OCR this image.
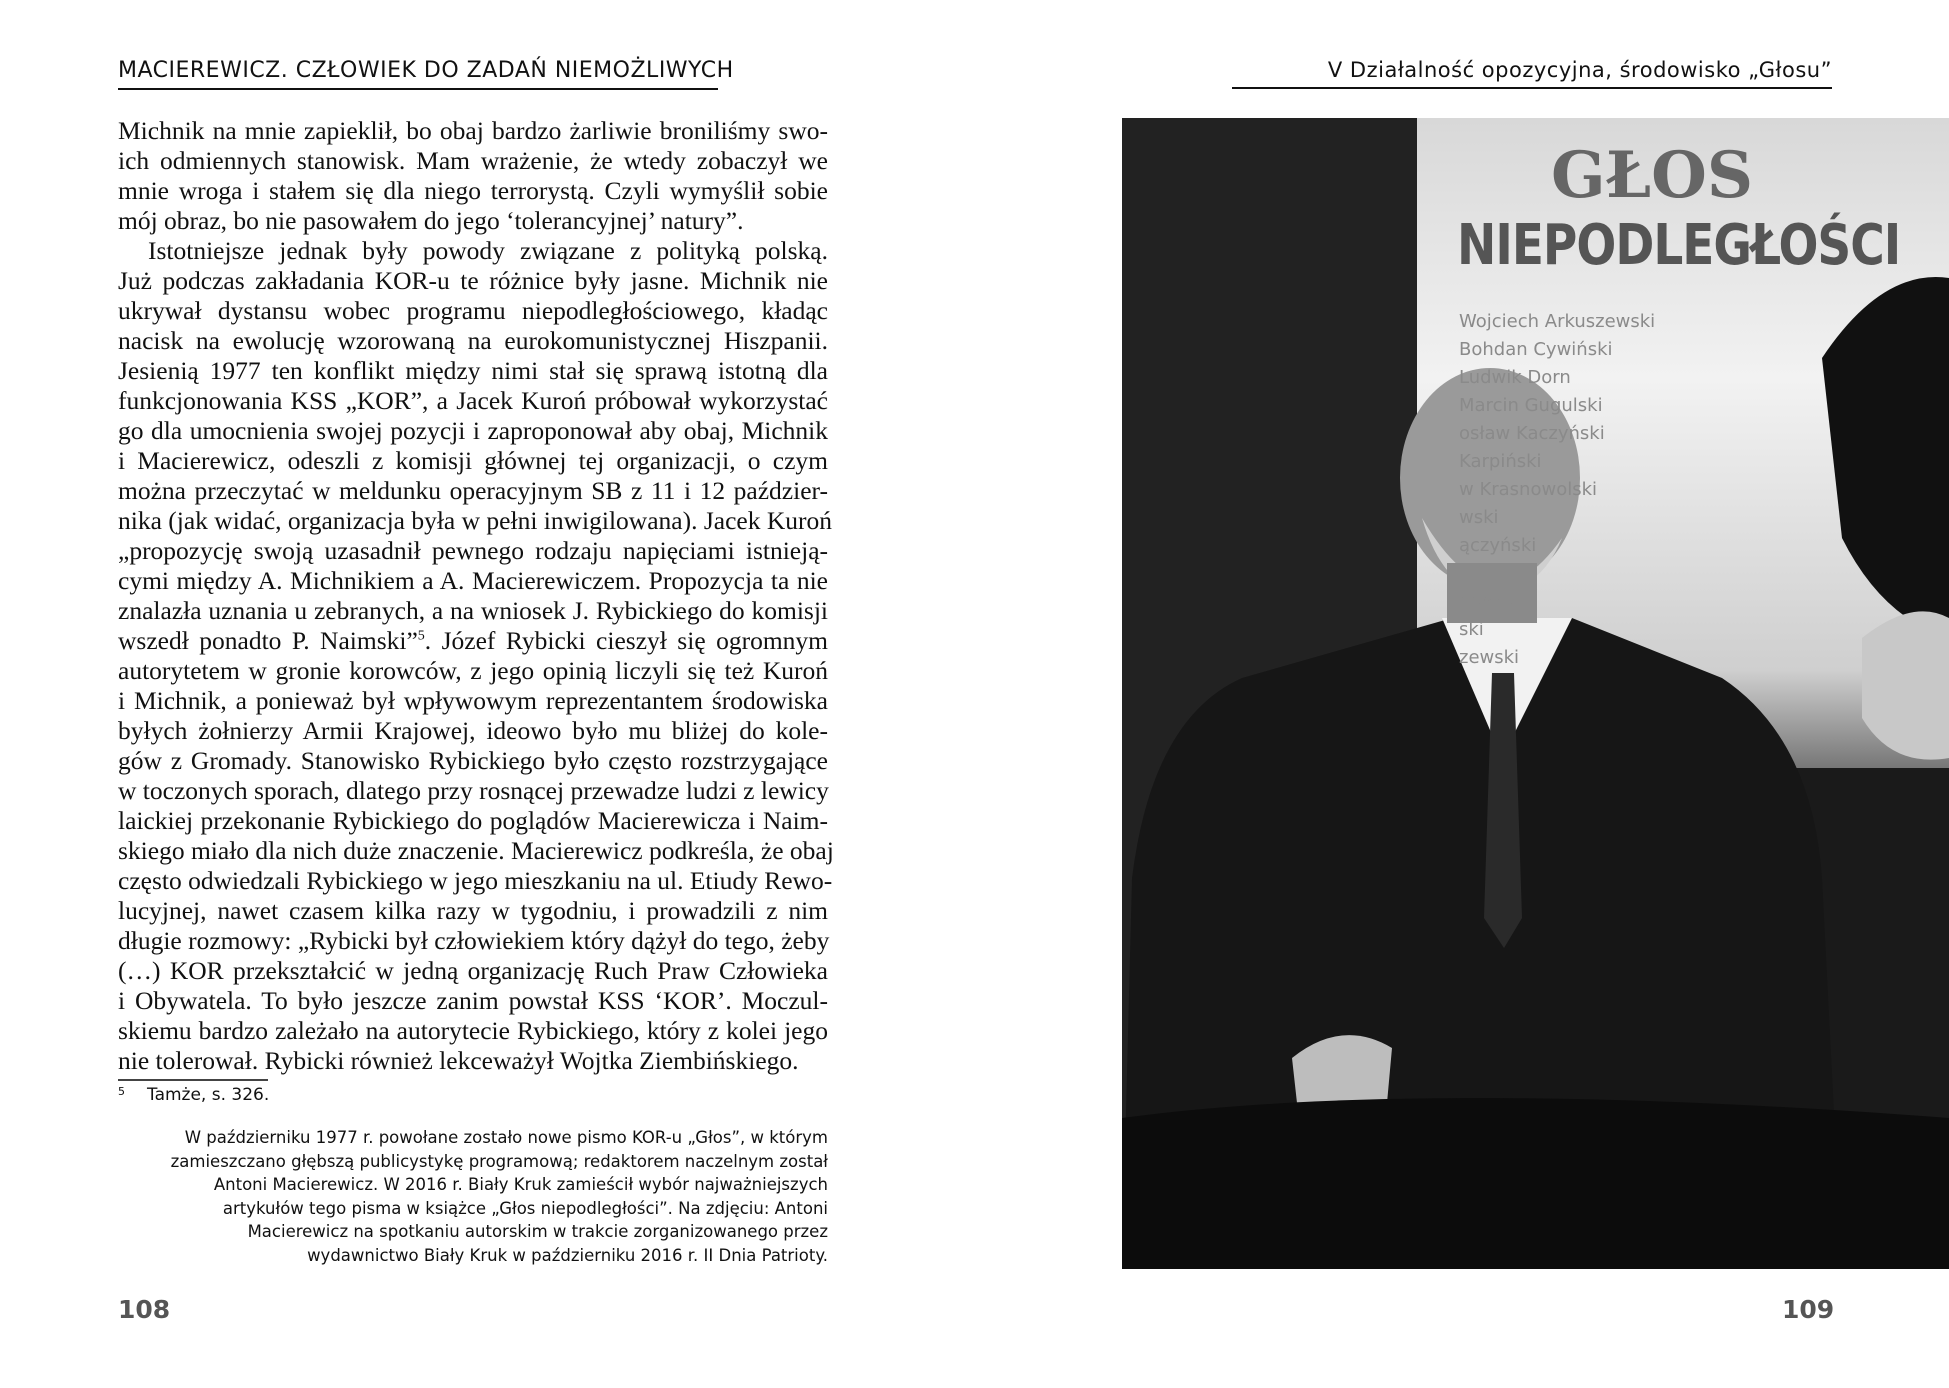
MACIEREWICZ. CZŁOWIEK DO ZADAŃ NIEMOŻLIWYCH	V Działalność opozycyjna, środowisko „Głosu”
Michnik na mnie zapieklił, bo obaj bardzo żarliwie broniliśmy swo-
ich odmiennych stanowisk. Mam wrażenie, że wtedy zobaczył we
mnie wroga i stałem się dla niego terrorystą. Czyli wymyślił sobie
mój obraz, bo nie pasowałem do jego ‘tolerancyjnej’ natury”.
Istotniejsze jednak były powody związane z polityką polską.
Już podczas zakładania KOR-u te różnice były jasne. Michnik nie
ukrywał dystansu wobec programu niepodległościowego, kładąc
nacisk na ewolucję wzorowaną na eurokomunistycznej Hiszpanii.
Jesienią 1977 ten konflikt między nimi stał się sprawą istotną dla
funkcjonowania KSS „KOR”, a Jacek Kuroń próbował wykorzystać
go dla umocnienia swojej pozycji i zaproponował aby obaj, Michnik
i Macierewicz, odeszli z komisji głównej tej organizacji, o czym
można przeczytać w meldunku operacyjnym SB z 11 i 12 paździer-
nika (jak widać, organizacja była w pełni inwigilowana). Jacek Kuroń
„propozycję swoją uzasadnił pewnego rodzaju napięciami istnieją-
cymi między A. Michnikiem a A. Macierewiczem. Propozycja ta nie
znalazła uznania u zebranych, a na wniosek J. Rybickiego do komisji
wszedł ponadto P. Naimski”$^5$. Józef Rybicki cieszył się ogromnym
autorytetem w gronie korowców, z jego opinią liczyli się też Kuroń
i Michnik, a ponieważ był wpływowym reprezentantem środowiska
byłych żołnierzy Armii Krajowej, ideowo było mu bliżej do kole-
gów z Gromady. Stanowisko Rybickiego było często rozstrzygające
w toczonych sporach, dlatego przy rosnącej przewadze ludzi z lewicy
laickiej przekonanie Rybickiego do poglądów Macierewicza i Naim-
skiego miało dla nich duże znaczenie. Macierewicz podkreśla, że obaj
często odwiedzali Rybickiego w jego mieszkaniu na ul. Etiudy Rewo-
lucyjnej, nawet czasem kilka razy w tygodniu, i prowadzili z nim
długie rozmowy: „Rybicki był człowiekiem który dążył do tego, żeby
(…) KOR przekształcić w jedną organizację Ruch Praw Człowieka
i Obywatela. To było jeszcze zanim powstał KSS ‘KOR’. Moczul-
skiemu bardzo zależało na autorytecie Rybickiego, który z kolei jego
nie tolerował. Rybicki również lekceważył Wojtka Ziembińskiego.
$^5$ Tamże, s. 326.
W październiku 1977 r. powołane zostało nowe pismo KOR-u „Głos”, w którym
zamieszczano głębszą publicystykę programową; redaktorem naczelnym został
Antoni Macierewicz. W 2016 r. Biały Kruk zamieścił wybór najważniejszych
artykułów tego pisma w książce „Głos niepodległości”. Na zdjęciu: Antoni
Macierewicz na spotkaniu autorskim w trakcie zorganizowanego przez
wydawnictwo Biały Kruk w październiku 2016 r. II Dnia Patrioty.
108	109
GŁOS
NIEPODLEGŁOŚCI
Wojciech Arkuszewski
Bohdan Cywiński
Ludwik Dorn
Marcin Gugulski
osław Kaczyński
Karpiński
w Krasnowolski
wski
ączyński

rewicz
ski
zewski
